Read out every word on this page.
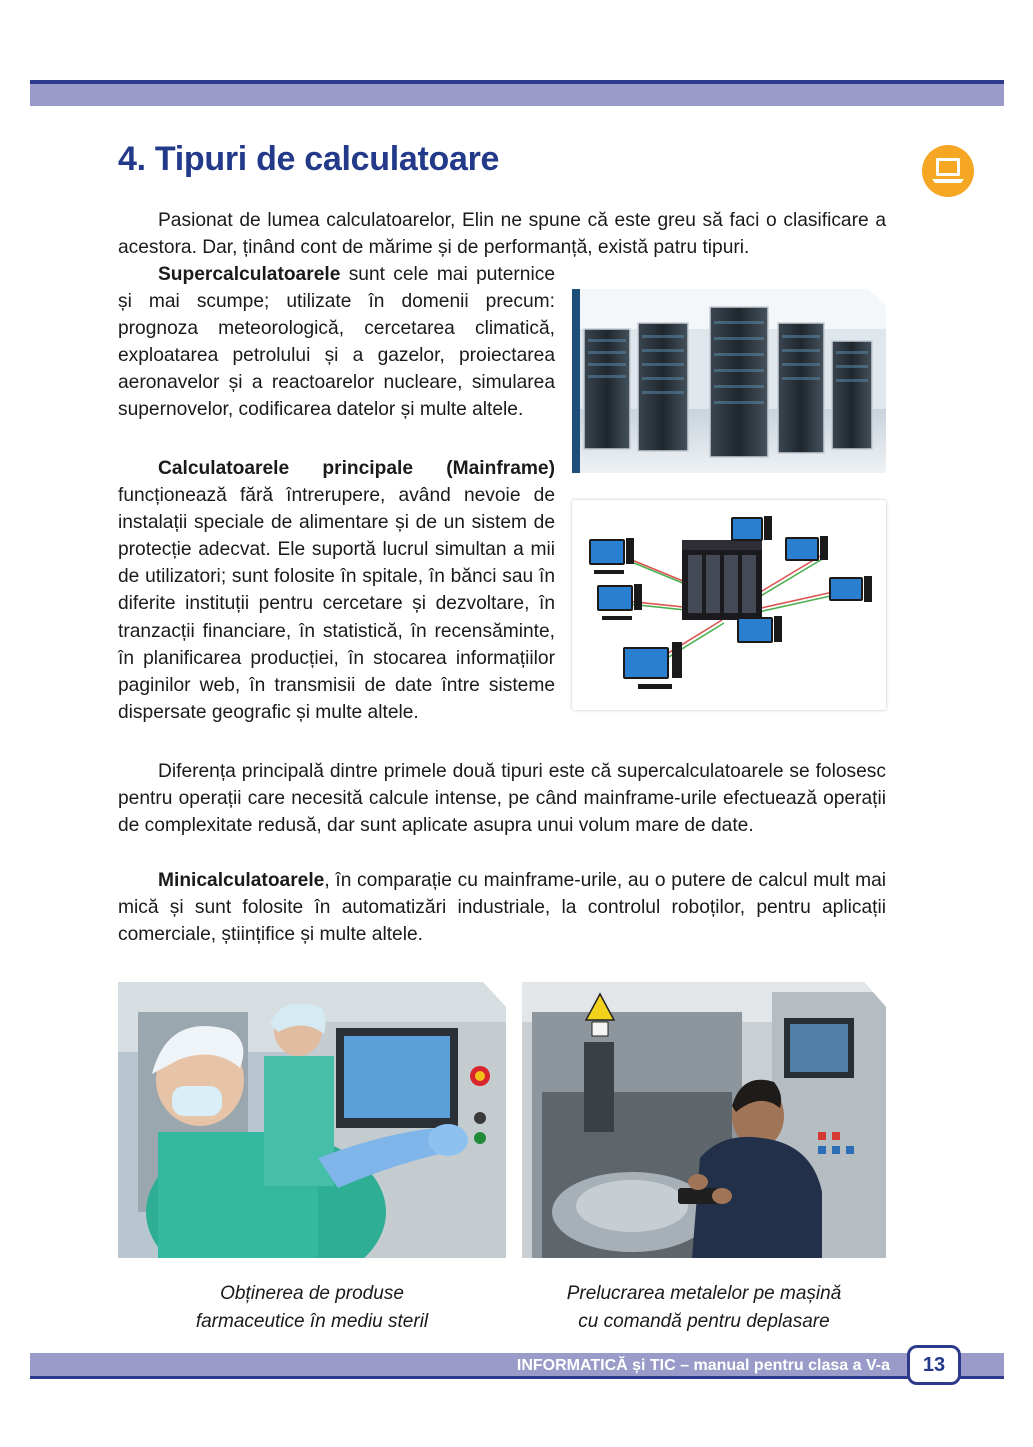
4. Tipuri de calculatoare

Pasionat de lumea calculatoarelor, Elin ne spune că este greu să faci o clasificare a acestora. Dar, ținând cont de mărime și de performanță, există patru tipuri.

Supercalculatoarele sunt cele mai puternice și mai scumpe; utilizate în domenii precum: prognoza meteorologică, cercetarea climatică, exploatarea petrolului și a gazelor, proiectarea aeronavelor și a reactoarelor nucleare, simularea supernovelor, codificarea datelor și multe altele.

Calculatoarele principale (Mainframe) funcționează fără întrerupere, având nevoie de instalații speciale de alimentare și de un sistem de protecție adecvat. Ele suportă lucrul simultan a mii de utilizatori; sunt folosite în spitale, în bănci sau în diferite instituții pentru cercetare și dezvoltare, în tranzacții financiare, în statistică, în recensăminte, în planificarea producției, în stocarea informațiilor paginilor web, în transmisii de date între sisteme dispersate geografic și multe altele.

Diferența principală dintre primele două tipuri este că supercalculatoarele se folosesc pentru operații care necesită calcule intense, pe când mainframe-urile efectuează operații de complexitate redusă, dar sunt aplicate asupra unui volum mare de date.

Minicalculatoarele, în comparație cu mainframe-urile, au o putere de calcul mult mai mică și sunt folosite în automatizări industriale, la controlul roboților, pentru aplicații comerciale, științifice și multe altele.

Obținerea de produse
farmaceutice în mediu steril

Prelucrarea metalelor pe mașină
cu comandă pentru deplasare

INFORMATICĂ și TIC – manual pentru clasa a V-a	13
